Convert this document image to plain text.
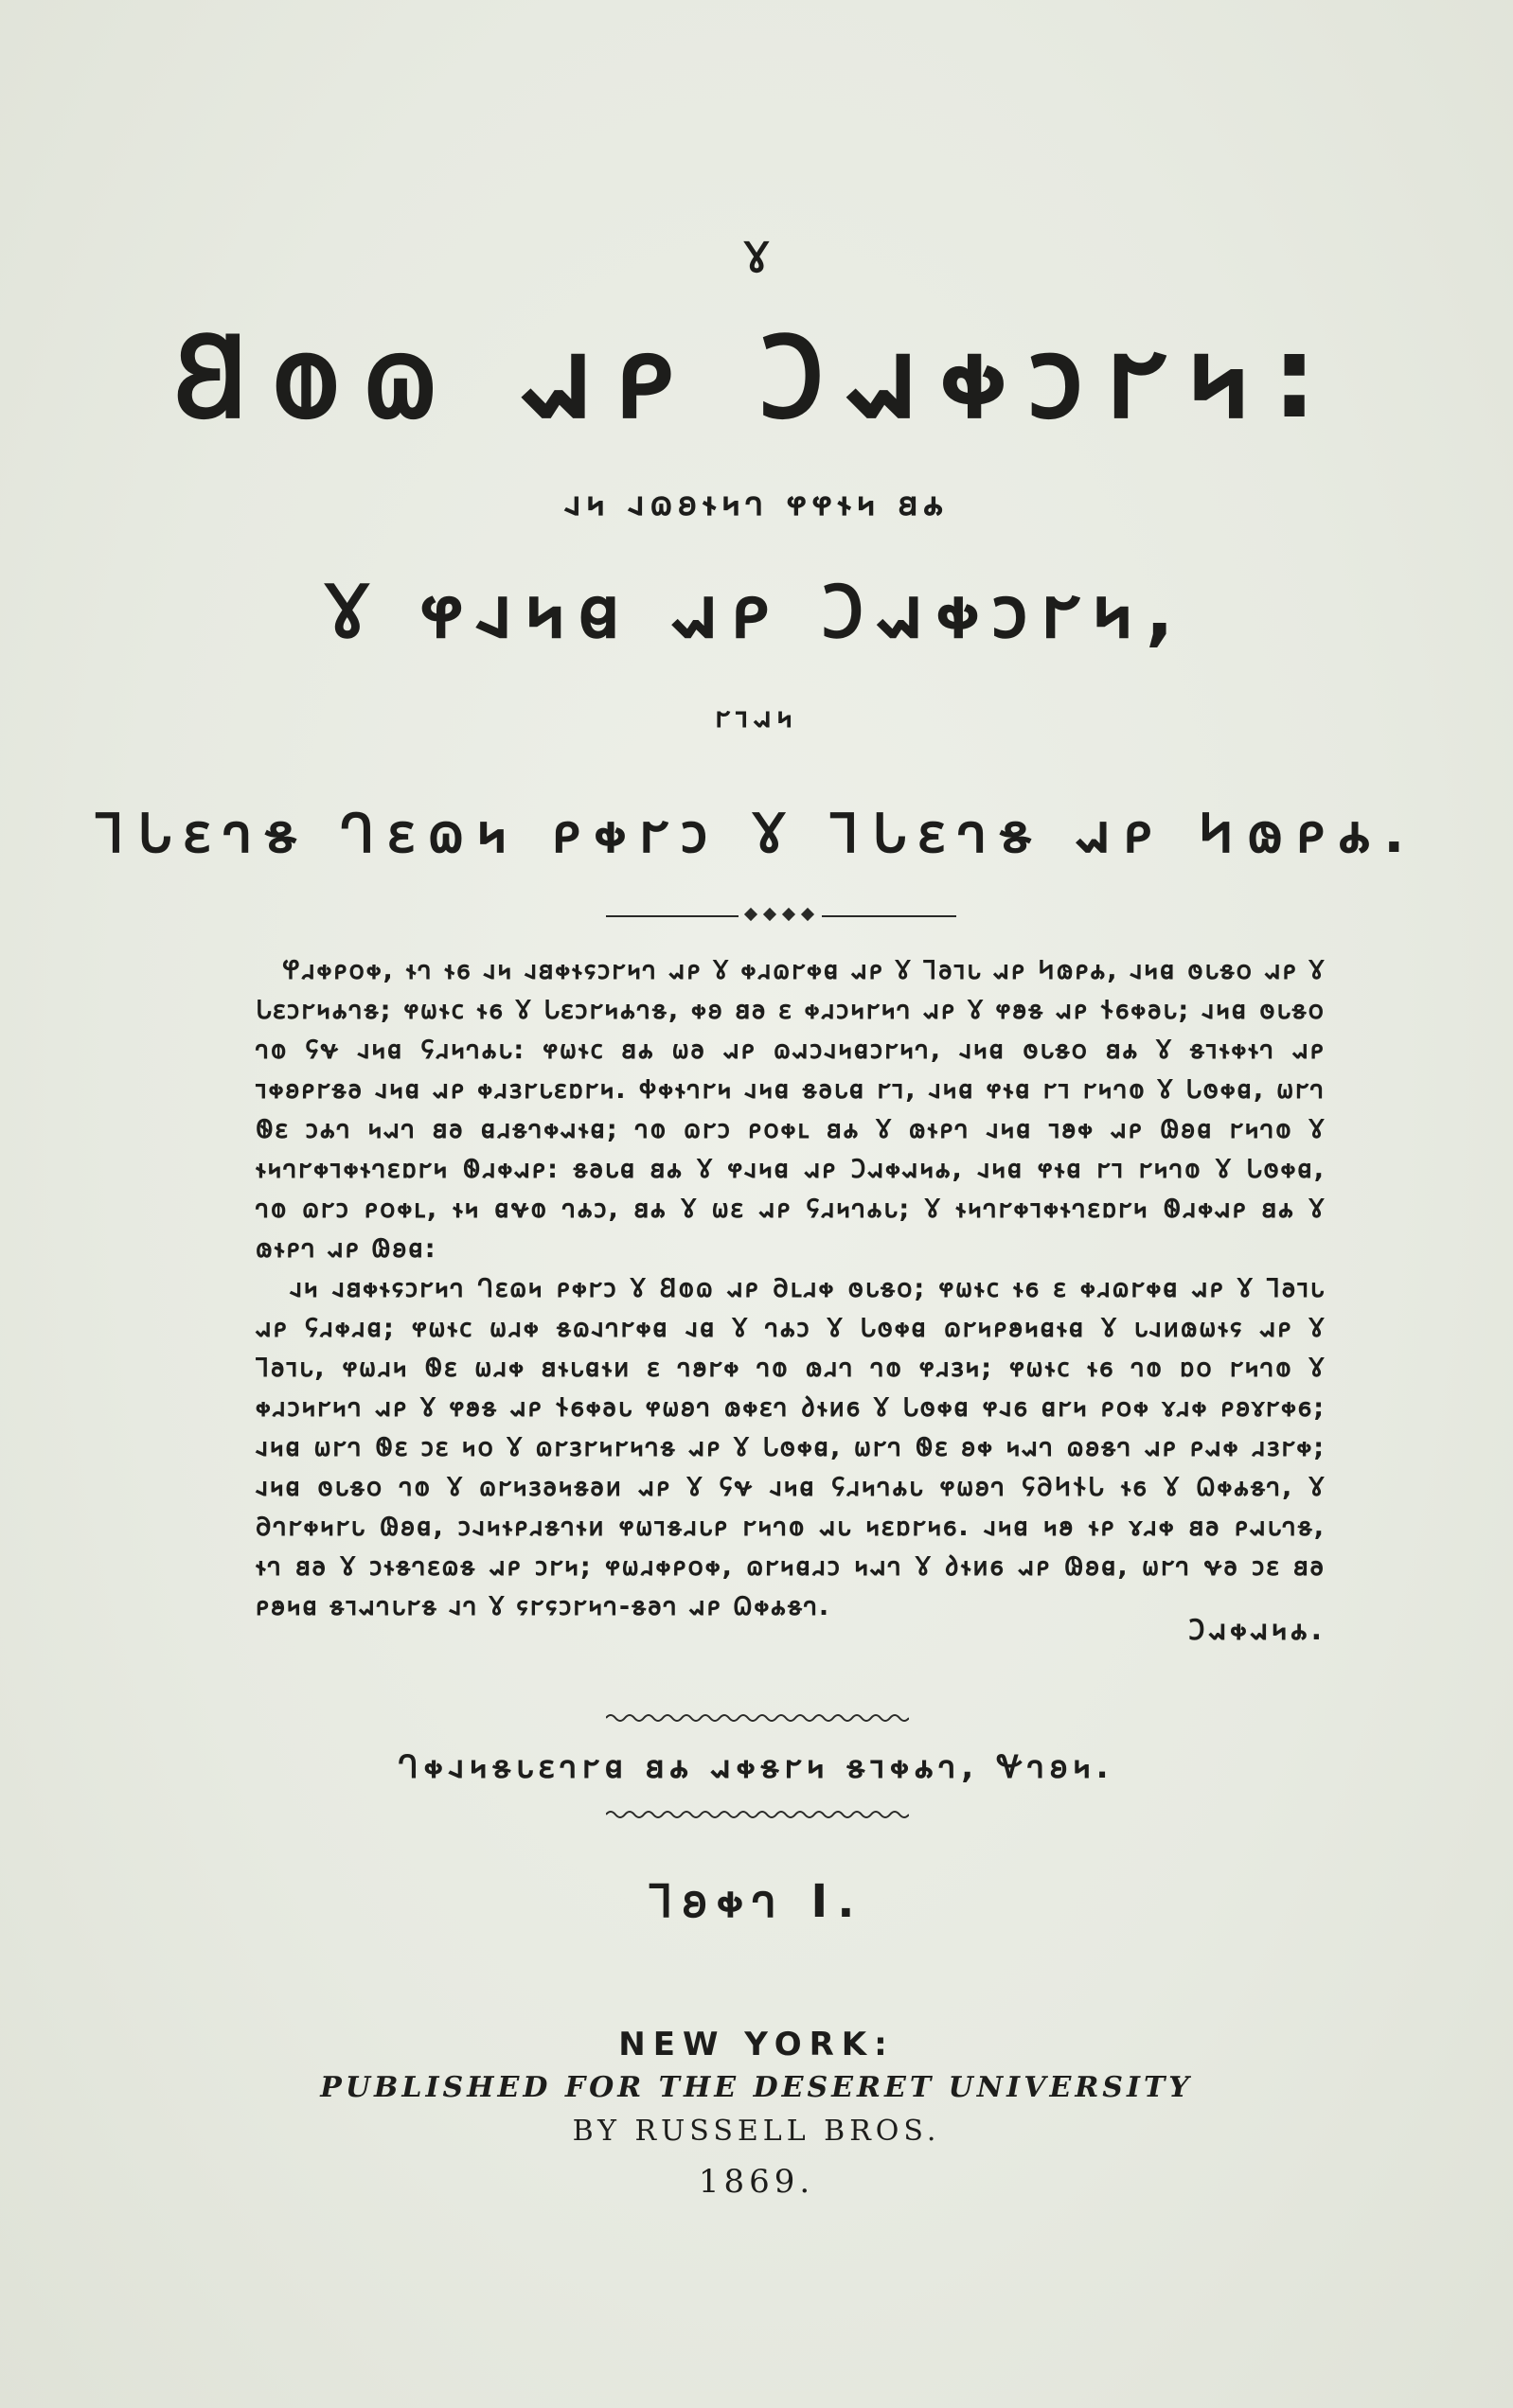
𐐜
𐐒𐐭𐐿 𐐱𐑁 𐐣𐐱𐑉𐑋𐐲𐑌:
𐐰𐑌 𐐰𐐿𐐪𐐮𐑌𐐻 𐐸𐐸𐐮𐑌 𐐺𐐴
𐐜 𐐸𐐰𐑌𐐼 𐐱𐑁 𐐣𐐱𐑉𐑋𐐲𐑌,
𐐲𐐹𐐱𐑌
𐐑𐐢𐐩𐐻𐑅 𐐓𐐩𐐿𐑌 𐑁𐑉𐐲𐑋 𐐜 𐐑𐐢𐐩𐐻𐑅 𐐱𐑁 𐐤𐑀𐑁𐐴.

𐐐𐐯𐑉𐑁𐐬𐑉, 𐐮𐐻 𐐮𐑆 𐐰𐑌 𐐰𐐺𐑉𐐮𐐾𐑋𐐲𐑌𐐻 𐐱𐑁 𐐜 𐑉𐐯𐐿𐐲𐑉𐐼 𐐱𐑁 𐐜 𐐑𐐨𐐹𐑊 𐐱𐑁 𐐤𐑀𐑁𐐴, 𐐰𐑌𐐼 𐐫𐑊𐑅𐐬 𐐱𐑁 𐐜 𐐢𐐩𐑋𐐲𐑌𐐴𐐻𐑅; 𐐸𐐶𐐮𐐽 𐐮𐑆 𐐜 𐐢𐐩𐑋𐐲𐑌𐐴𐐻𐑅, 𐑉𐐪 𐐺𐐨 𐐩 𐑉𐐯𐑋𐑌𐐲𐑌𐐻 𐐱𐑁 𐐜 𐐸𐐵𐑅 𐐱𐑁 𐐆𐑆𐑉𐐨𐑊; 𐐰𐑌𐐼 𐐫𐑊𐑅𐐬 𐐻𐐭 𐐖𐐷 𐐰𐑌𐐼 𐐖𐐯𐑌𐐻𐐴𐑊: 𐐸𐐶𐐮𐐽 𐐺𐐴 𐐶𐐨 𐐱𐑁 𐐿𐐱𐑋𐐰𐑌𐐼𐑋𐐲𐑌𐐻, 𐐰𐑌𐐼 𐐫𐑊𐑅𐐬 𐐺𐐴 𐐜 𐑅𐐹𐐮𐑉𐐮𐐻 𐐱𐑁 𐐹𐑉𐐪𐑁𐐲𐑅𐐨 𐐰𐑌𐐼 𐐱𐑁 𐑉𐐯𐑂𐐲𐑊𐐩𐑇𐐲𐑌. 𐐡𐑉𐐮𐐻𐐲𐑌 𐐰𐑌𐐼 𐑅𐐨𐑊𐐼 𐐲𐐹, 𐐰𐑌𐐼 𐐸𐐮𐐼 𐐲𐐹 𐐲𐑌𐐻𐐭 𐐜 𐐢𐐫𐑉𐐼, 𐐶𐐲𐐻 𐐧𐐩 𐑋𐐴𐐻 𐑌𐐱𐐻 𐐺𐐨 𐐼𐐯𐑅𐐻𐑉𐐱𐐮𐐼; 𐐻𐐭 𐐿𐐲𐑋 𐑁𐐬𐑉𐑃 𐐺𐐴 𐐜 𐑀𐐮𐑁𐐻 𐐰𐑌𐐼 𐐹𐐵𐑉 𐐱𐑁 𐐘𐐪𐐼 𐐲𐑌𐐻𐐭 𐐜 𐐮𐑌𐐻𐐲𐑉𐐹𐑉𐐮𐐻𐐩𐑇𐐲𐑌 𐐧𐐯𐑉𐐱𐑁: 𐑅𐐨𐑊𐐼 𐐺𐐴 𐐜 𐐸𐐰𐑌𐐼 𐐱𐑁 𐐣𐐱𐑉𐐱𐑌𐐴, 𐐰𐑌𐐼 𐐸𐐮𐐼 𐐲𐐹 𐐲𐑌𐐻𐐭 𐐜 𐐢𐐫𐑉𐐼, 𐐻𐐭 𐐿𐐲𐑋 𐑁𐐬𐑉𐑃, 𐐮𐑌 𐐼𐐷𐐭 𐐻𐐴𐑋, 𐐺𐐴 𐐜 𐐶𐐩 𐐱𐑁 𐐖𐐯𐑌𐐻𐐴𐑊; 𐐜 𐐮𐑌𐐻𐐲𐑉𐐹𐑉𐐮𐐻𐐩𐑇𐐲𐑌 𐐧𐐯𐑉𐐱𐑁 𐐺𐐴 𐐜 𐑀𐐮𐑁𐐻 𐐱𐑁 𐐘𐐪𐐼:

𐐰𐑌 𐐰𐐺𐑉𐐮𐐾𐑋𐐲𐑌𐐻 𐐓𐐩𐐿𐑌 𐑁𐑉𐐲𐑋 𐐜 𐐒𐐭𐐿 𐐱𐑁 𐐀𐑃𐐯𐑉 𐐫𐑊𐑅𐐬; 𐐸𐐶𐐮𐐽 𐐮𐑆 𐐩 𐑉𐐯𐐿𐐲𐑉𐐼 𐐱𐑁 𐐜 𐐑𐐨𐐹𐑊 𐐱𐑁 𐐖𐐯𐑉𐐯𐐼; 𐐸𐐶𐐮𐐽 𐐶𐐯𐑉 𐑅𐐿𐐰𐐻𐐲𐑉𐐼 𐐰𐐼 𐐜 𐐻𐐴𐑋 𐐜 𐐢𐐫𐑉𐐼 𐐿𐐲𐑌𐑁𐐵𐑌𐐼𐐮𐐼 𐐜 𐑊𐐰𐑍𐑀𐐶𐐮𐐾 𐐱𐑁 𐐜 𐐑𐐨𐐹𐑊, 𐐸𐐶𐐯𐑌 𐐧𐐩 𐐶𐐯𐑉 𐐺𐐮𐑊𐐼𐐮𐑍 𐐩 𐐻𐐵𐐲𐑉 𐐻𐐭 𐑀𐐯𐐻 𐐻𐐭 𐐸𐐯𐑂𐑌; 𐐸𐐶𐐮𐐽 𐐮𐑆 𐐻𐐭 𐑇𐐬 𐐲𐑌𐐻𐐭 𐐜 𐑉𐐯𐑋𐑌𐐲𐑌𐐻 𐐱𐑁 𐐜 𐐸𐐵𐑅 𐐱𐑁 𐐆𐑆𐑉𐐨𐑊 𐐸𐐶𐐪𐐻 𐑀𐑉𐐩𐐻 𐑔𐐮𐑍𐑆 𐐜 𐐢𐐫𐑉𐐼 𐐸𐐰𐑆 𐐼𐐲𐑌 𐑁𐐬𐑉 𐑄𐐯𐑉 𐑁𐐪𐑄𐐲𐑉𐑆; 𐐰𐑌𐐼 𐐶𐐲𐐻 𐐧𐐩 𐑋𐐩 𐑌𐐬 𐐜 𐐿𐐲𐑂𐐲𐑌𐐲𐑌𐐻𐑅 𐐱𐑁 𐐜 𐐢𐐫𐑉𐐼, 𐐶𐐲𐐻 𐐧𐐩 𐐪𐑉 𐑌𐐱𐐻 𐐿𐐪𐑅𐐻 𐐱𐑁 𐑁𐐱𐑉 𐐯𐑂𐐲𐑉; 𐐰𐑌𐐼 𐐫𐑊𐑅𐐬 𐐻𐐭 𐐜 𐐿𐐲𐑌𐑂𐐨𐑌𐑅𐐨𐑍 𐐱𐑁 𐐜 𐐖𐐷 𐐰𐑌𐐼 𐐖𐐯𐑌𐐻𐐴𐑊 𐐸𐐶𐐪𐐻 𐐖𐐀𐐤𐐆𐐢 𐐮𐑆 𐐜 𐐗𐑉𐐴𐑅𐐻, 𐐜 𐐀𐐻𐐲𐑉𐑌𐐲𐑊 𐐘𐐪𐐼, 𐑋𐐰𐑌𐐮𐑁𐐯𐑅𐐻𐐮𐑍 𐐸𐐶𐐹𐑅𐐯𐑊𐑁 𐐲𐑌𐐻𐐭 𐐱𐑊 𐑌𐐩𐑇𐐲𐑌𐑆. 𐐰𐑌𐐼 𐑌𐐵 𐐮𐑁 𐑄𐐯𐑉 𐐺𐐨 𐑁𐐱𐑊𐐻𐑅, 𐐮𐐻 𐐺𐐨 𐐜 𐑋𐐮𐑅𐐻𐐩𐐿𐑅 𐐱𐑁 𐑋𐐲𐑌; 𐐸𐐶𐐯𐑉𐑁𐐬𐑉, 𐐿𐐲𐑌𐐼𐐯𐑋 𐑌𐐱𐐻 𐐜 𐑔𐐮𐑍𐑆 𐐱𐑁 𐐘𐐪𐐼, 𐐶𐐲𐐻 𐐷𐐨 𐑋𐐩 𐐺𐐨 𐑁𐐵𐑌𐐼 𐑅𐐹𐐱𐐻𐑊𐐲𐑅 𐐰𐐻 𐐜 𐐾𐐲𐐾𐑋𐐲𐑌𐐻-𐑅𐐨𐐻 𐐱𐑁 𐐗𐑉𐐴𐑅𐐻.

𐐣𐐱𐑉𐐱𐑌𐐴.
𐐓𐑉𐐰𐑌𐑅𐑊𐐩𐐻𐐲𐐼 𐐺𐐴 𐐱𐑉𐑅𐐲𐑌 𐑅𐐹𐑉𐐴𐐻, 𐐏𐐻𐐪𐑌.
𐐑𐐪𐑉𐐻 I.
NEW YORK:
PUBLISHED FOR THE DESERET UNIVERSITY
BY RUSSELL BROS.
1869.
